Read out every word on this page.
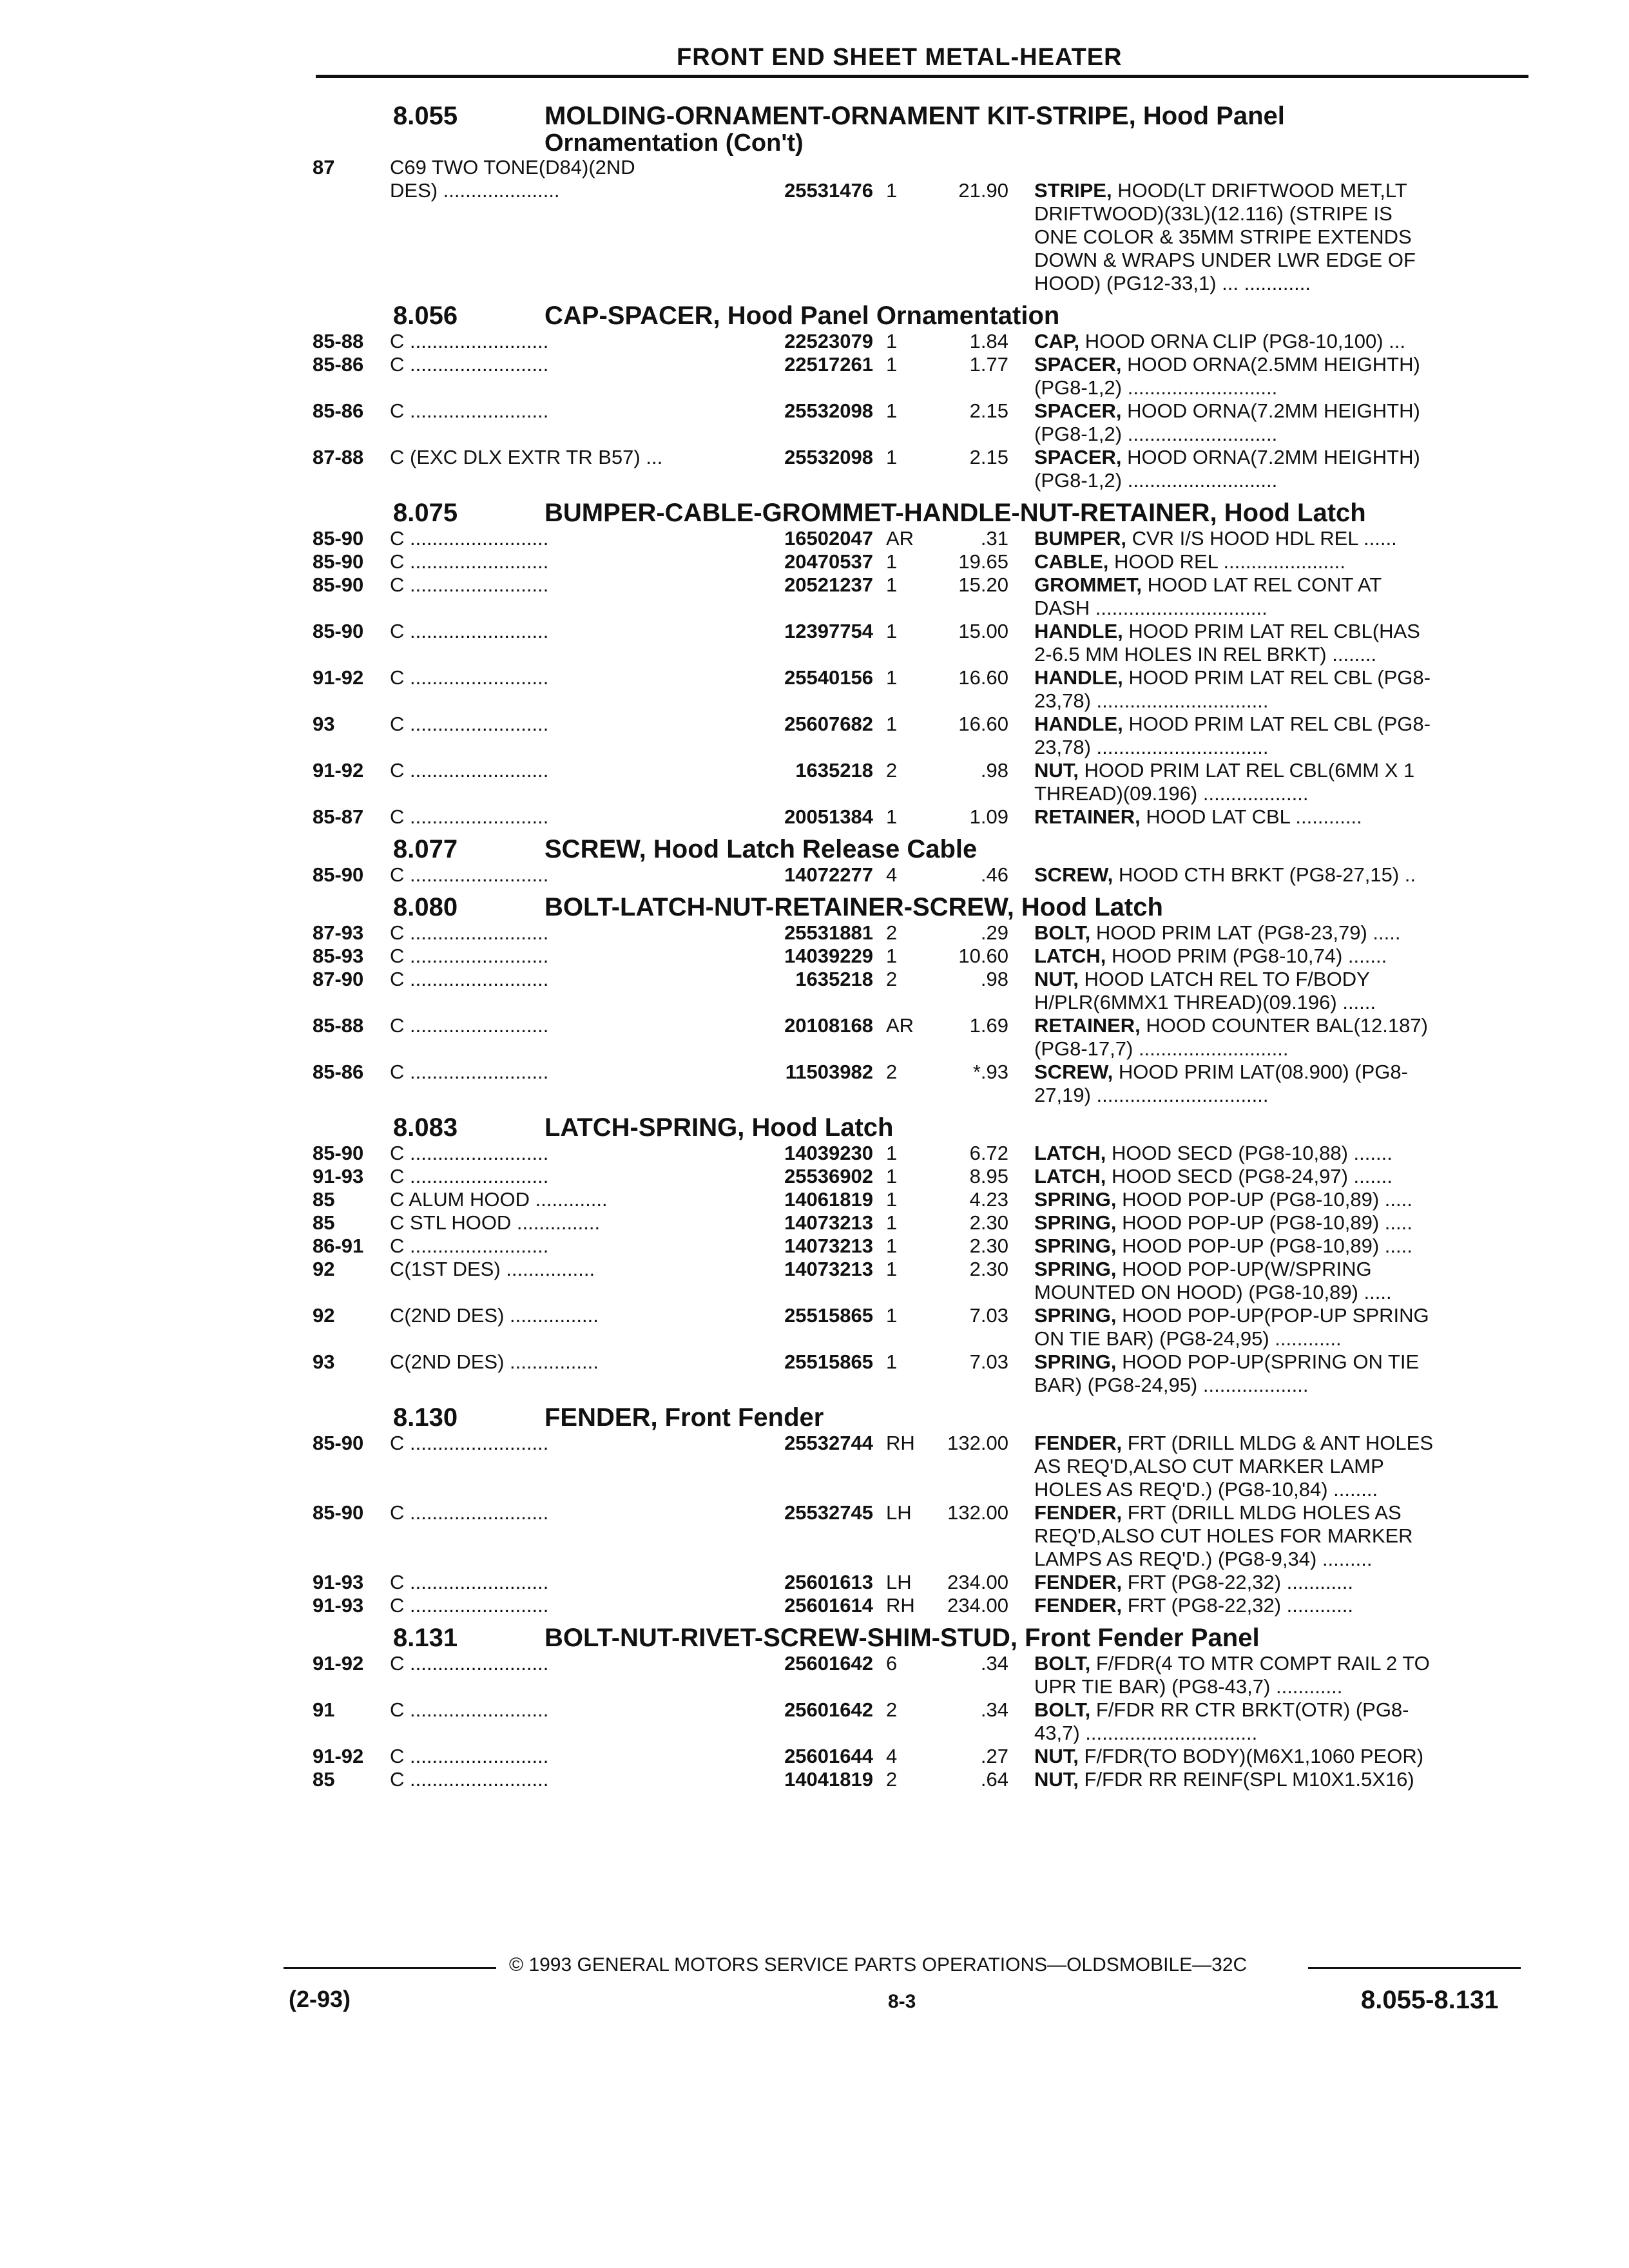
FRONT END SHEET METAL-HEATER
8.055	MOLDING-ORNAMENT-ORNAMENT KIT-STRIPE, Hood Panel
Ornamentation (Con't)
87	C69 TWO TONE(D84)(2ND
DES) .....................	25531476 1	21.90	STRIPE, HOOD(LT DRIFTWOOD MET,LT
DRIFTWOOD)(33L)(12.116) (STRIPE IS
ONE COLOR & 35MM STRIPE EXTENDS
DOWN & WRAPS UNDER LWR EDGE OF
HOOD) (PG12-33,1) ... ............
8.056	CAP-SPACER, Hood Panel Ornamentation
85-88	C .........................	22523079 1	1.84	CAP, HOOD ORNA CLIP (PG8-10,100) ...
85-86	C .........................	22517261 1	1.77	SPACER, HOOD ORNA(2.5MM HEIGHTH)
(PG8-1,2) ...........................
85-86	C .........................	25532098 1	2.15	SPACER, HOOD ORNA(7.2MM HEIGHTH)
(PG8-1,2) ...........................
87-88	C (EXC DLX EXTR TR B57) ...	25532098 1	2.15	SPACER, HOOD ORNA(7.2MM HEIGHTH)
(PG8-1,2) ...........................
8.075	BUMPER-CABLE-GROMMET-HANDLE-NUT-RETAINER, Hood Latch
85-90	C .........................	16502047 AR	.31	BUMPER, CVR I/S HOOD HDL REL ......
85-90	C .........................	20470537 1	19.65	CABLE, HOOD REL ......................
85-90	C .........................	20521237 1	15.20	GROMMET, HOOD LAT REL CONT AT
DASH ...............................
85-90	C .........................	12397754 1	15.00	HANDLE, HOOD PRIM LAT REL CBL(HAS
2-6.5 MM HOLES IN REL BRKT) ........
91-92	C .........................	25540156 1	16.60	HANDLE, HOOD PRIM LAT REL CBL (PG8-
23,78) ...............................
93	C .........................	25607682 1	16.60	HANDLE, HOOD PRIM LAT REL CBL (PG8-
23,78) ...............................
91-92	C .........................	1635218 2	.98	NUT, HOOD PRIM LAT REL CBL(6MM X 1
THREAD)(09.196) ...................
85-87	C .........................	20051384 1	1.09	RETAINER, HOOD LAT CBL ............
8.077	SCREW, Hood Latch Release Cable
85-90	C .........................	14072277 4	.46	SCREW, HOOD CTH BRKT (PG8-27,15) ..
8.080	BOLT-LATCH-NUT-RETAINER-SCREW, Hood Latch
87-93	C .........................	25531881 2	.29	BOLT, HOOD PRIM LAT (PG8-23,79) .....
85-93	C .........................	14039229 1	10.60	LATCH, HOOD PRIM (PG8-10,74) .......
87-90	C .........................	1635218 2	.98	NUT, HOOD LATCH REL TO F/BODY
H/PLR(6MMX1 THREAD)(09.196) ......
85-88	C .........................	20108168 AR	1.69	RETAINER, HOOD COUNTER BAL(12.187)
(PG8-17,7) ...........................
85-86	C .........................	11503982 2	*.93	SCREW, HOOD PRIM LAT(08.900) (PG8-
27,19) ...............................
8.083	LATCH-SPRING, Hood Latch
85-90	C .........................	14039230 1	6.72	LATCH, HOOD SECD (PG8-10,88) .......
91-93	C .........................	25536902 1	8.95	LATCH, HOOD SECD (PG8-24,97) .......
85	C ALUM HOOD .............	14061819 1	4.23	SPRING, HOOD POP-UP (PG8-10,89) .....
85	C STL HOOD ...............	14073213 1	2.30	SPRING, HOOD POP-UP (PG8-10,89) .....
86-91	C .........................	14073213 1	2.30	SPRING, HOOD POP-UP (PG8-10,89) .....
92	C(1ST DES) ................	14073213 1	2.30	SPRING, HOOD POP-UP(W/SPRING
MOUNTED ON HOOD) (PG8-10,89) .....
92	C(2ND DES) ................	25515865 1	7.03	SPRING, HOOD POP-UP(POP-UP SPRING
ON TIE BAR) (PG8-24,95) ............
93	C(2ND DES) ................	25515865 1	7.03	SPRING, HOOD POP-UP(SPRING ON TIE
BAR) (PG8-24,95) ...................
8.130	FENDER, Front Fender
85-90	C .........................	25532744 RH	132.00	FENDER, FRT (DRILL MLDG & ANT HOLES
AS REQ'D,ALSO CUT MARKER LAMP
HOLES AS REQ'D.) (PG8-10,84) ........
85-90	C .........................	25532745 LH	132.00	FENDER, FRT (DRILL MLDG HOLES AS
REQ'D,ALSO CUT HOLES FOR MARKER
LAMPS AS REQ'D.) (PG8-9,34) .........
91-93	C .........................	25601613 LH	234.00	FENDER, FRT (PG8-22,32) ............
91-93	C .........................	25601614 RH	234.00	FENDER, FRT (PG8-22,32) ............
8.131	BOLT-NUT-RIVET-SCREW-SHIM-STUD, Front Fender Panel
91-92	C .........................	25601642 6	.34	BOLT, F/FDR(4 TO MTR COMPT RAIL 2 TO
UPR TIE BAR) (PG8-43,7) ............
91	C .........................	25601642 2	.34	BOLT, F/FDR RR CTR BRKT(OTR) (PG8-
43,7) ...............................
91-92	C .........................	25601644 4	.27	NUT, F/FDR(TO BODY)(M6X1,1060 PEOR)
85	C .........................	14041819 2	.64	NUT, F/FDR RR REINF(SPL M10X1.5X16)
© 1993 GENERAL MOTORS SERVICE PARTS OPERATIONS—OLDSMOBILE—32C
(2-93)	8-3	8.055-8.131
